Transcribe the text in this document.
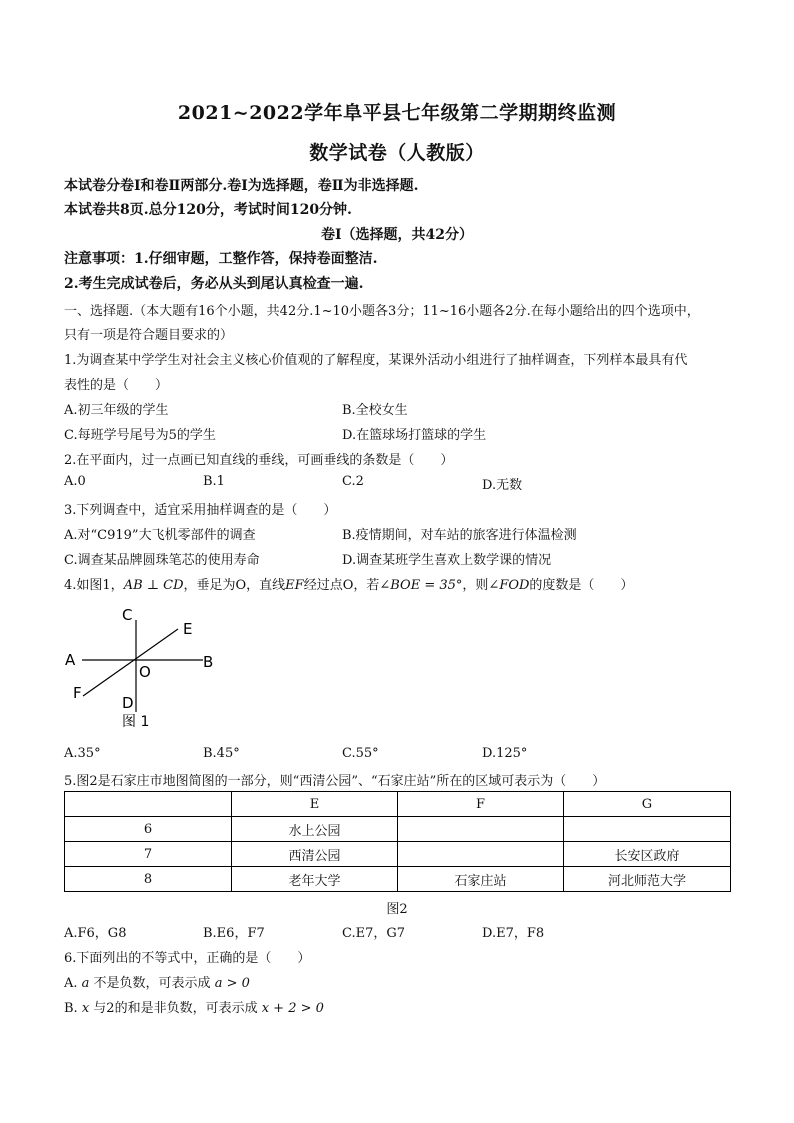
2021~2022学年阜平县七年级第二学期期终监测
数学试卷（人教版）
本试卷分卷Ⅰ和卷Ⅱ两部分.卷Ⅰ为选择题，卷Ⅱ为非选择题.
本试卷共8页.总分120分，考试时间120分钟.
卷Ⅰ（选择题，共42分）
注意事项：1.仔细审题，工整作答，保持卷面整洁.
2.考生完成试卷后，务必从头到尾认真检查一遍.
一、选择题.（本大题有16个小题，共42分.1~10小题各3分；11~16小题各2分.在每小题给出的四个选项中，
只有一项是符合题目要求的）
1.为调查某中学学生对社会主义核心价值观的了解程度，某课外活动小组进行了抽样调查，下列样本最具有代
表性的是（　　）
A.初三年级的学生	B.全校女生
C.每班学号尾号为5的学生	D.在篮球场打篮球的学生
2.在平面内，过一点画已知直线的垂线，可画垂线的条数是（　　）
A.0	B.1	C.2	D.无数
3.下列调查中，适宜采用抽样调查的是（　　）
A.对“C919”大飞机零部件的调查	B.疫情期间，对车站的旅客进行体温检测
C.调查某品牌圆珠笔芯的使用寿命	D.调查某班学生喜欢上数学课的情况
4.如图1，AB ⊥ CD，垂足为O，直线EF经过点O，若∠BOE = 35°，则∠FOD的度数是（　　）
C
E
A
O
B
F
D
图 1
A.35°	B.45°	C.55°	D.125°
5.图2是石家庄市地图简图的一部分，则“西清公园”、“石家庄站”所在的区域可表示为（　　）
	E	F	G
6	水上公园		
7	西清公园		长安区政府
8	老年大学	石家庄站	河北师范大学
图2
A.F6，G8	B.E6，F7	C.E7，G7	D.E7，F8
6.下面列出的不等式中，正确的是（　　）
A. a 不是负数，可表示成 a > 0
B. x 与2的和是非负数，可表示成 x + 2 > 0
